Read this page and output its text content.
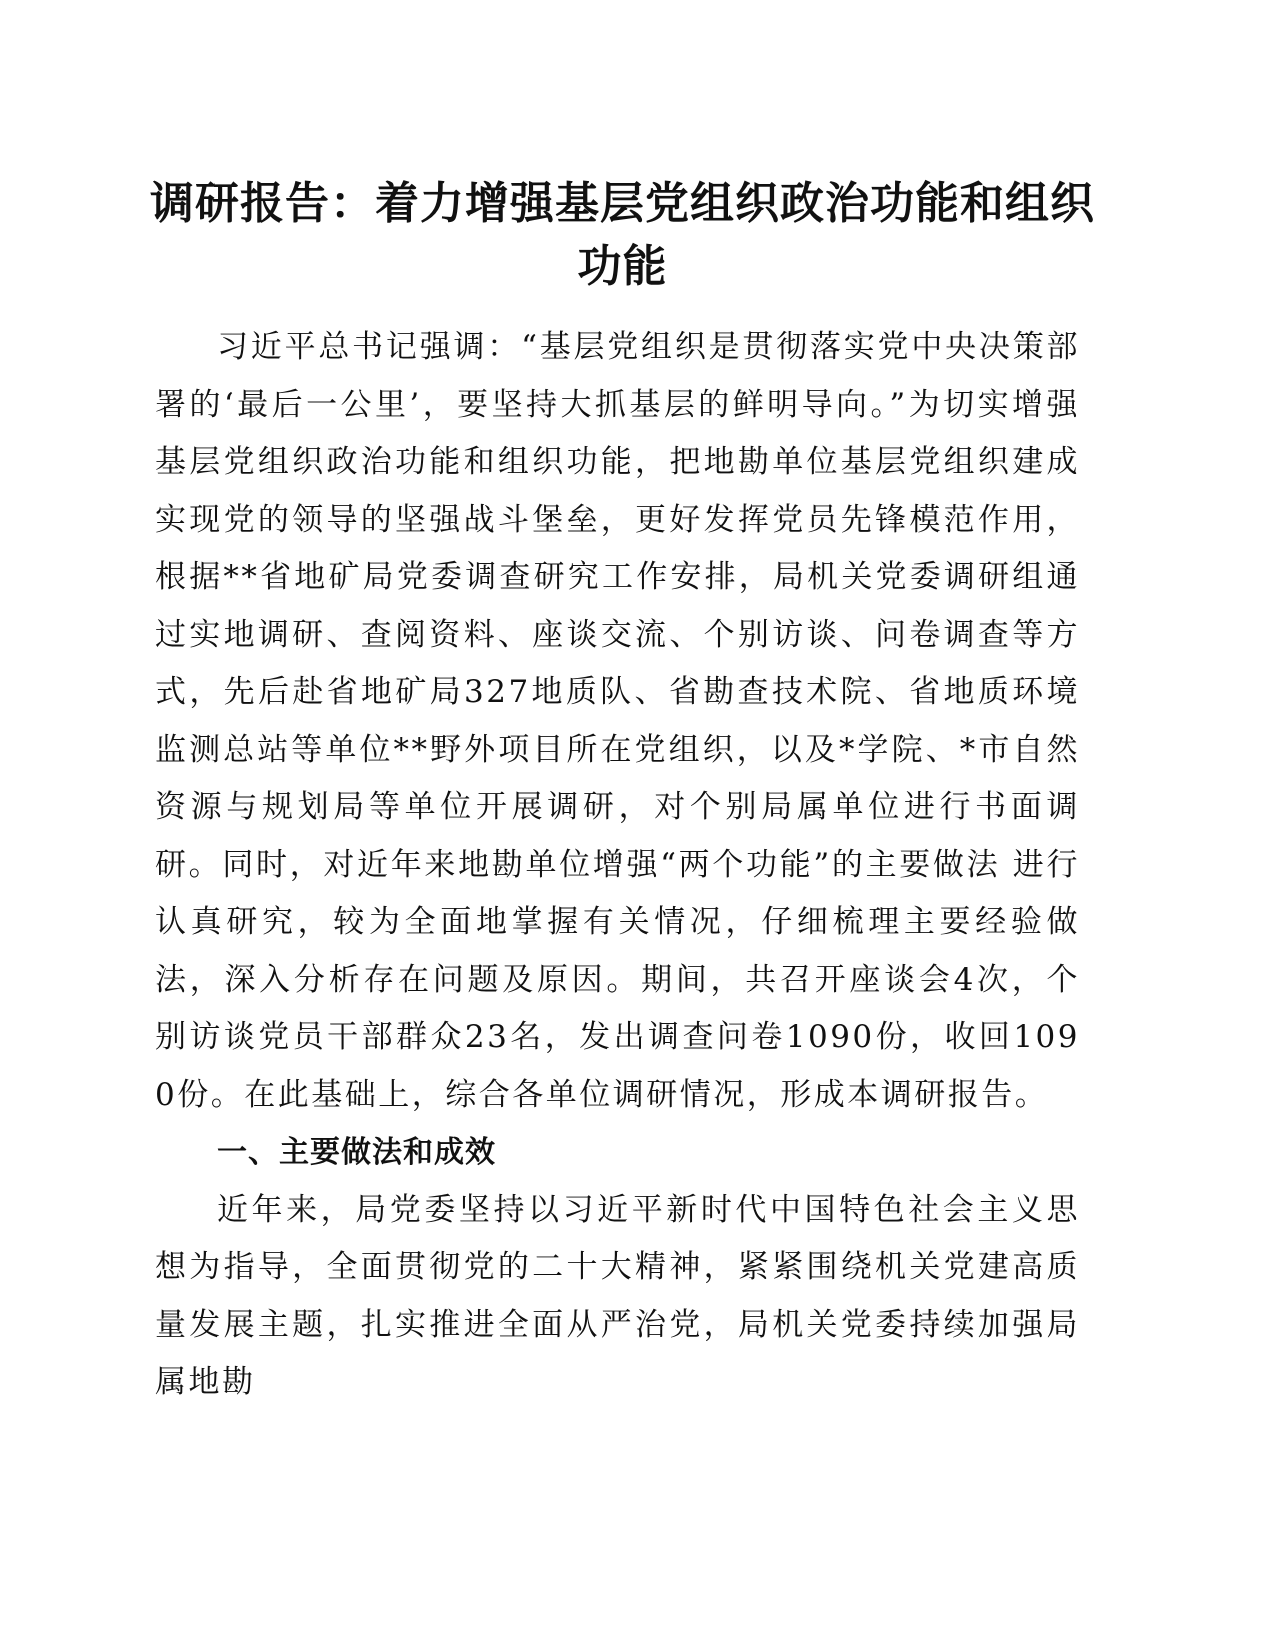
调研报告：着力增强基层党组织政治功能和组织功能

习近平总书记强调：“基层党组织是贯彻落实党中央决策部署的‘最后一公里’，要坚持大抓基层的鲜明导向。”为切实增强基层党组织政治功能和组织功能，把地勘单位基层党组织建成实现党的领导的坚强战斗堡垒，更好发挥党员先锋模范作用，根据**省地矿局党委调查研究工作安排，局机关党委调研组通过实地调研、查阅资料、座谈交流、个别访谈、问卷调查等方式，先后赴省地矿局327地质队、省勘查技术院、省地质环境监测总站等单位**野外项目所在党组织，以及*学院、*市自然资源与规划局等单位开展调研，对个别局属单位进行书面调研。同时，对近年来地勘单位增强“两个功能”的主要做法 进行认真研究，较为全面地掌握有关情况，仔细梳理主要经验做法，深入分析存在问题及原因。期间，共召开座谈会4次，个别访谈党员干部群众23名，发出调查问卷1090份，收回1090份。在此基础上，综合各单位调研情况，形成本调研报告。

一、主要做法和成效

近年来，局党委坚持以习近平新时代中国特色社会主义思想为指导，全面贯彻党的二十大精神，紧紧围绕机关党建高质量发展主题，扎实推进全面从严治党，局机关党委持续加强局属地勘
